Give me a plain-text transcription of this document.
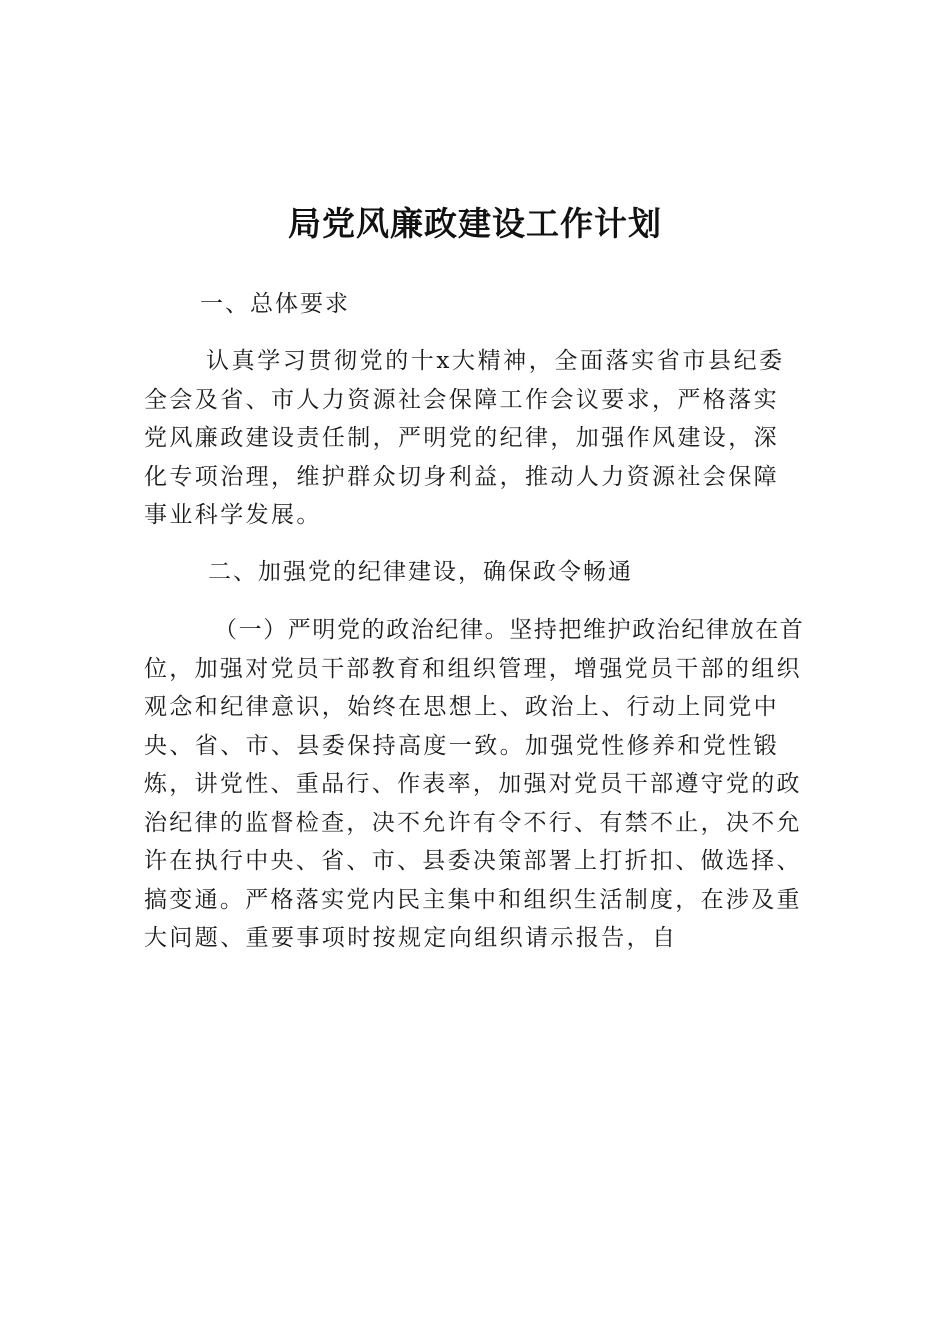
局党风廉政建设工作计划
一、总体要求
认真学习贯彻党的十x大精神，全面落实省市县纪委
全会及省、市人力资源社会保障工作会议要求，严格落实
党风廉政建设责任制，严明党的纪律，加强作风建设，深
化专项治理，维护群众切身利益，推动人力资源社会保障
事业科学发展。
二、加强党的纪律建设，确保政令畅通
（一）严明党的政治纪律。坚持把维护政治纪律放在首
位，加强对党员干部教育和组织管理，增强党员干部的组织
观念和纪律意识，始终在思想上、政治上、行动上同党中
央、省、市、县委保持高度一致。加强党性修养和党性锻
炼，讲党性、重品行、作表率，加强对党员干部遵守党的政
治纪律的监督检查，决不允许有令不行、有禁不止，决不允
许在执行中央、省、市、县委决策部署上打折扣、做选择、
搞变通。严格落实党内民主集中和组织生活制度，在涉及重
大问题、重要事项时按规定向组织请示报告，自
